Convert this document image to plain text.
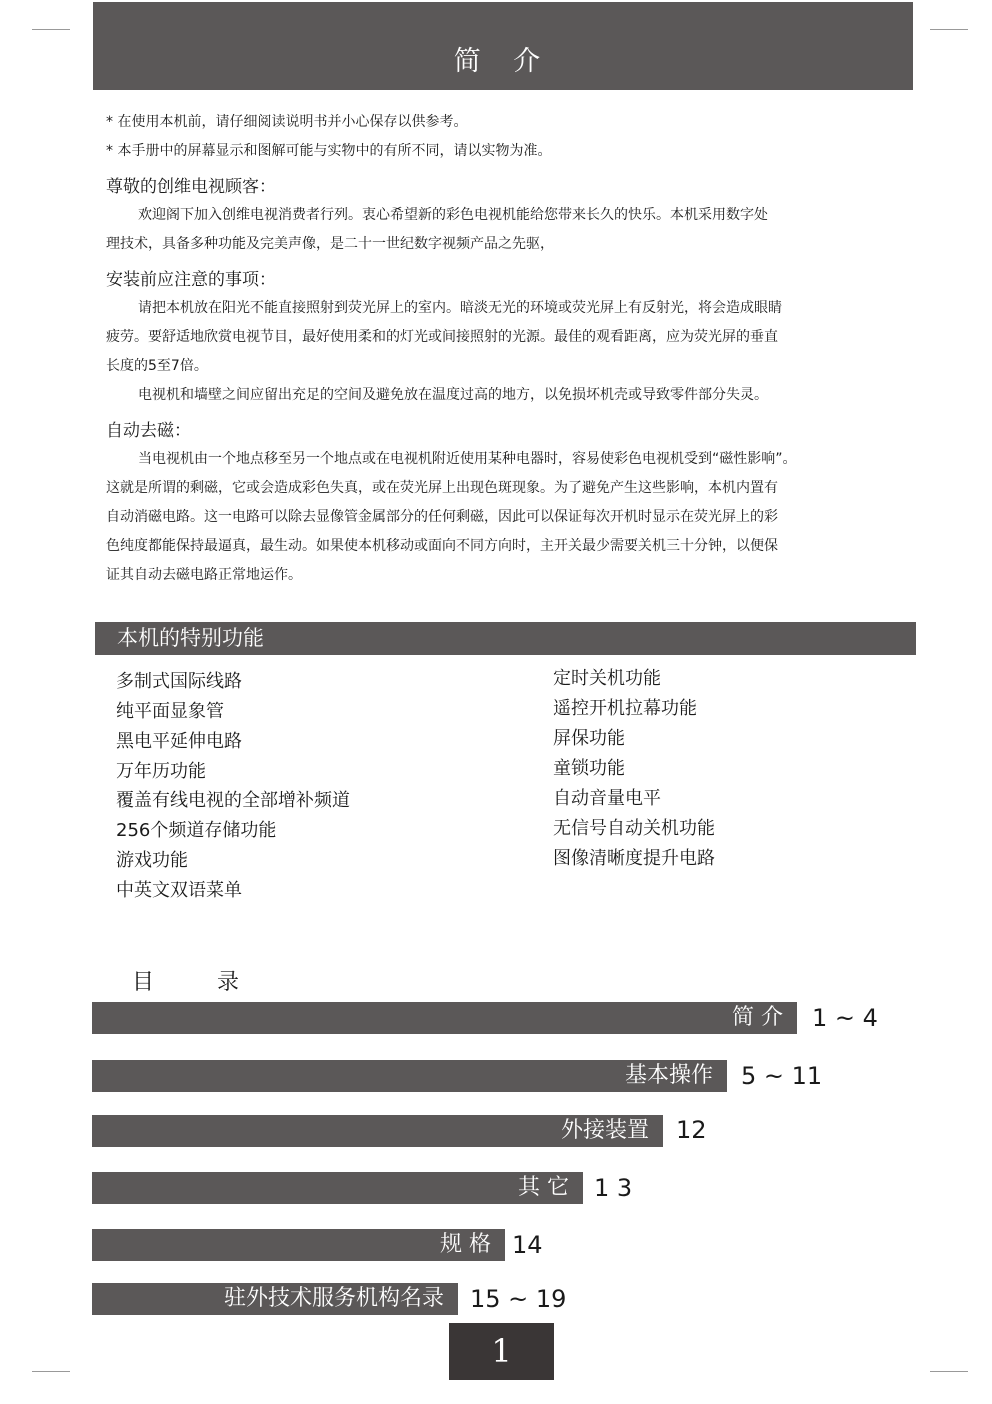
简 介
* 在使用本机前，请仔细阅读说明书并小心保存以供参考。
* 本手册中的屏幕显示和图解可能与实物中的有所不同，请以实物为准。
尊敬的创维电视顾客：
欢迎阁下加入创维电视消费者行列。衷心希望新的彩色电视机能给您带来长久的快乐。本机采用数字处
理技术，具备多种功能及完美声像，是二十一世纪数字视频产品之先驱，
安装前应注意的事项：
请把本机放在阳光不能直接照射到荧光屏上的室内。暗淡无光的环境或荧光屏上有反射光，将会造成眼睛
疲劳。要舒适地欣赏电视节目，最好使用柔和的灯光或间接照射的光源。最佳的观看距离，应为荧光屏的垂直
长度的5至7倍。
电视机和墙壁之间应留出充足的空间及避免放在温度过高的地方，以免损坏机壳或导致零件部分失灵。
自动去磁：
当电视机由一个地点移至另一个地点或在电视机附近使用某种电器时，容易使彩色电视机受到“磁性影响”。
这就是所谓的剩磁，它或会造成彩色失真，或在荧光屏上出现色斑现象。为了避免产生这些影响，本机内置有
自动消磁电路。这一电路可以除去显像管金属部分的任何剩磁，因此可以保证每次开机时显示在荧光屏上的彩
色纯度都能保持最逼真，最生动。如果使本机移动或面向不同方向时，主开关最少需要关机三十分钟，以便保
证其自动去磁电路正常地运作。
本机的特别功能
多制式国际线路
纯平面显象管
黑电平延伸电路
万年历功能
覆盖有线电视的全部增补频道
256个频道存储功能
游戏功能
中英文双语菜单
定时关机功能
遥控开机拉幕功能
屏保功能
童锁功能
自动音量电平
无信号自动关机功能
图像清晰度提升电路
目 录
简 介	1 ~ 4
基本操作	5 ~ 11
外接装置	12
其 它	1 3
规 格 14
驻外技术服务机构名录	15 ~ 19
1
